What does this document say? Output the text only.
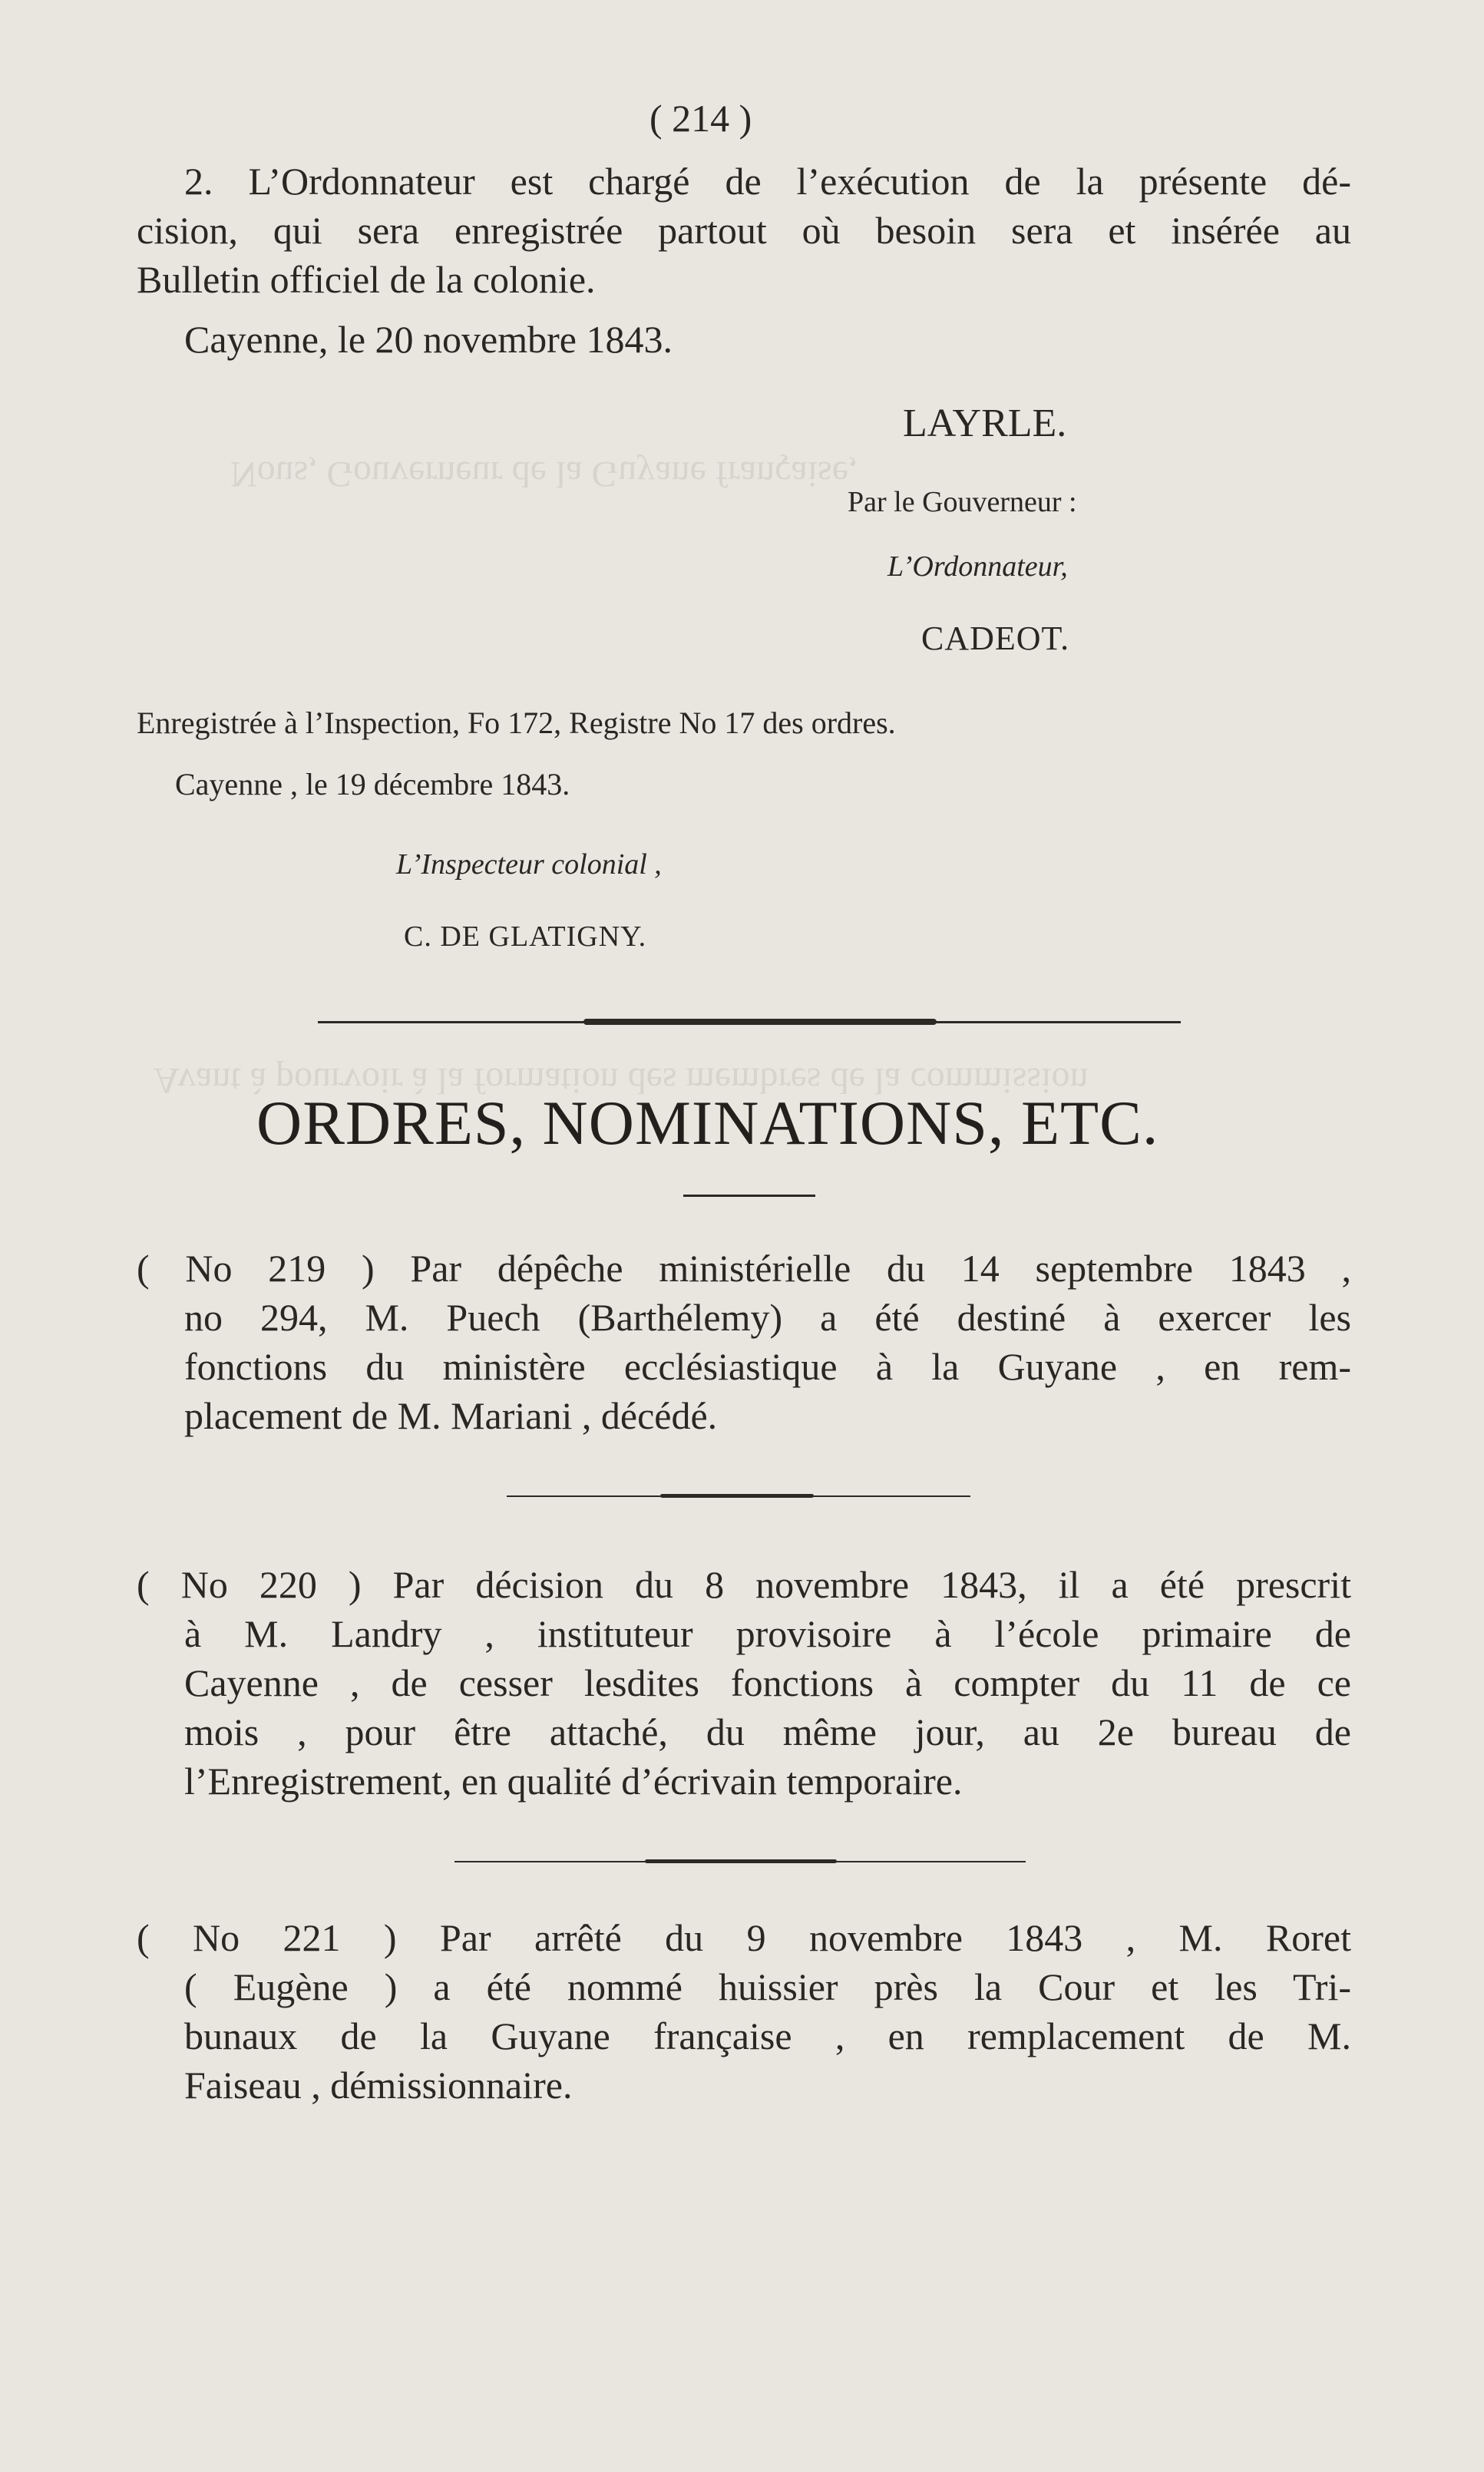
Nous, Gouverneur de la Guyane française,
Avant à pourvoir à la formation des membres de la commission
( 214 )
2. L’Ordonnateur est chargé de l’exécution de la présente dé-
cision, qui sera enregistrée partout où besoin sera et insérée au
Bulletin officiel de la colonie.
Cayenne, le 20 novembre 1843.
LAYRLE.
Par le Gouverneur :
L’Ordonnateur,
CADEOT.
Enregistrée à l’Inspection, Fo 172, Registre No 17 des ordres.
Cayenne , le 19 décembre 1843.
L’Inspecteur colonial ,
C. DE GLATIGNY.
ORDRES, NOMINATIONS, ETC.
( No 219 ) Par dépêche ministérielle du 14 septembre 1843 ,
no 294, M. Puech (Barthélemy) a été destiné à exercer les
fonctions du ministère ecclésiastique à la Guyane , en rem-
placement de M. Mariani , décédé.
( No 220 ) Par décision du 8 novembre 1843, il a été prescrit
à M. Landry , instituteur provisoire à l’école primaire de
Cayenne , de cesser lesdites fonctions à compter du 11 de ce
mois , pour être attaché, du même jour, au 2e bureau de
l’Enregistrement, en qualité d’écrivain temporaire.
( No 221 ) Par arrêté du 9 novembre 1843 , M. Roret
( Eugène ) a été nommé huissier près la Cour et les Tri-
bunaux de la Guyane française , en remplacement de M.
Faiseau , démissionnaire.
